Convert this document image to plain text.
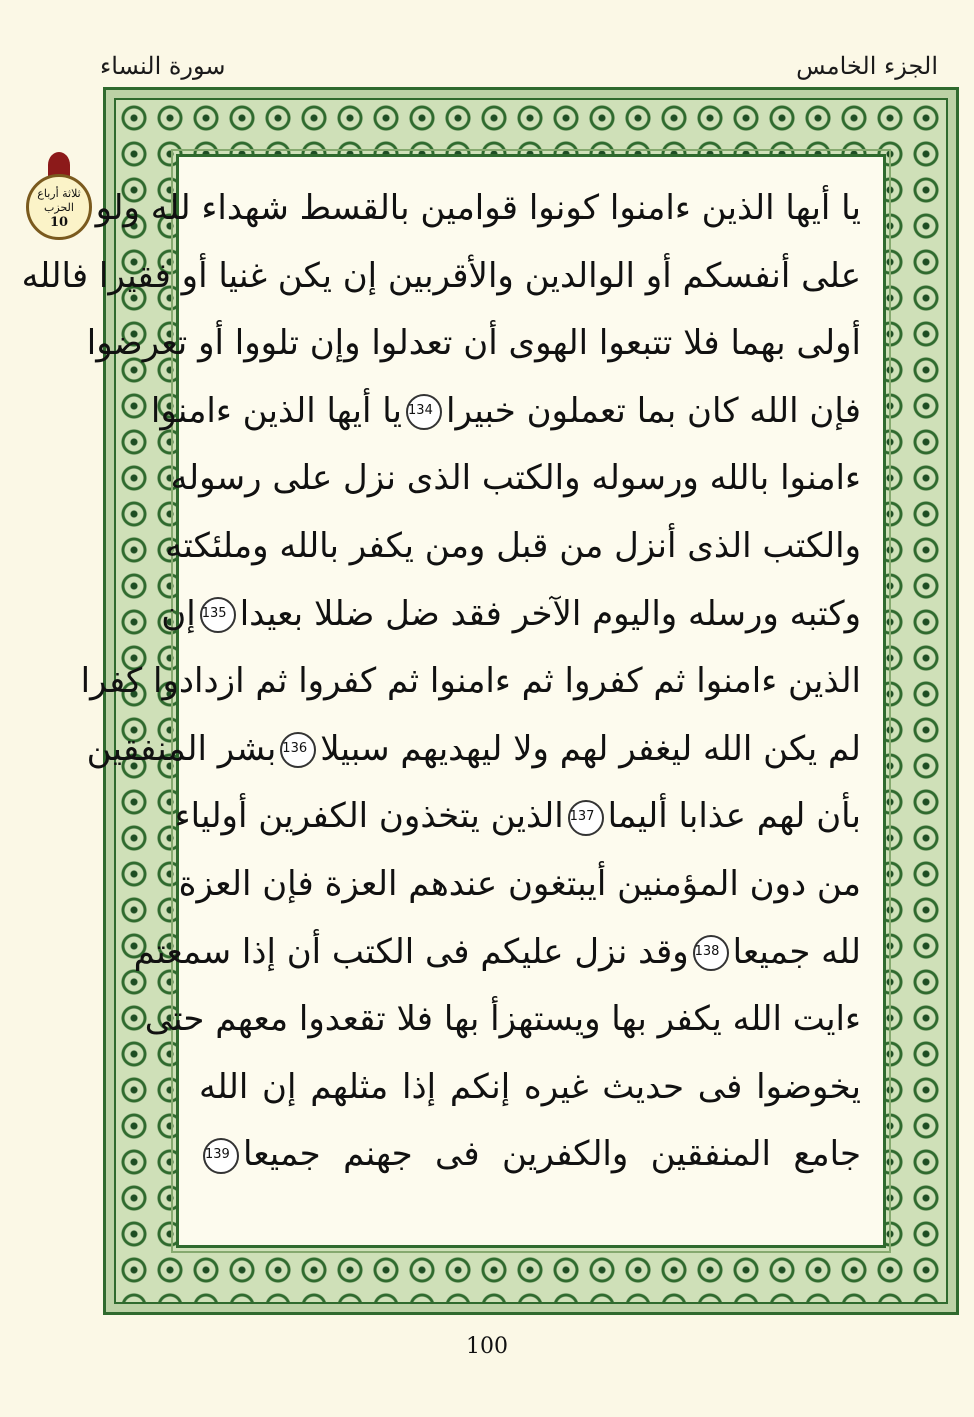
الجزء الخامس
سورة النساء
ثلاثة أرباع الحزب
10 يا أيها الذين ءامنوا كونوا قوامين بالقسط شهداء لله ولو
على أنفسكم أو الوالدين والأقربين إن يكن غنيا أو فقيرا فالله
أولى بهما فلا تتبعوا الهوى أن تعدلوا وإن تلووا أو تعرضوا
فإن الله كان بما تعملون خبيرا134يا أيها الذين ءامنوا
ءامنوا بالله ورسوله والكتب الذى نزل على رسوله
والكتب الذى أنزل من قبل ومن يكفر بالله وملئكته
وكتبه ورسله واليوم الآخر فقد ضل ضللا بعيدا135إن
الذين ءامنوا ثم كفروا ثم ءامنوا ثم كفروا ثم ازدادوا كفرا
لم يكن الله ليغفر لهم ولا ليهديهم سبيلا136بشر المنفقين
بأن لهم عذابا أليما137الذين يتخذون الكفرين أولياء
من دون المؤمنين أيبتغون عندهم العزة فإن العزة
لله جميعا138وقد نزل عليكم فى الكتب أن إذا سمعتم
ءايت الله يكفر بها ويستهزأ بها فلا تقعدوا معهم حتى
يخوضوا فى حديث غيره إنكم إذا مثلهم إن الله
جامع المنفقين والكفرين فى جهنم جميعا139
100
